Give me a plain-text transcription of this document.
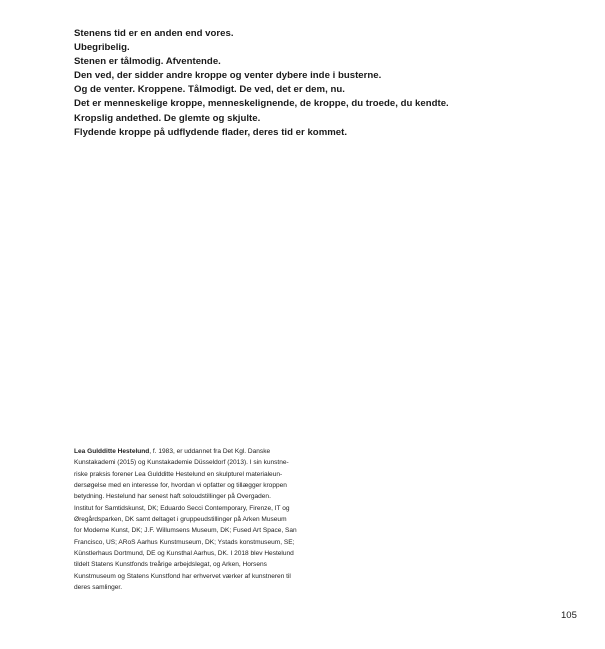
Stenens tid er en anden end vores.
Ubegribelig.
Stenen er tålmodig. Afventende.
Den ved, der sidder andre kroppe og venter dybere inde i busterne.
Og de venter. Kroppene. Tålmodigt. De ved, det er dem, nu.
Det er menneskelige kroppe, menneskelignende, de kroppe, du troede, du kendte.
Kropslig andethed. De glemte og skjulte.
Flydende kroppe på udflydende flader, deres tid er kommet.
Lea Guldditte Hestelund, f. 1983, er uddannet fra Det Kgl. Danske
Kunstakademi (2015) og Kunstakademie Düsseldorf (2013). I sin kunstne-
riske praksis forener Lea Guldditte Hestelund en skulpturel materialeun-
dersøgelse med en interesse for, hvordan vi opfatter og tillægger kroppen
betydning. Hestelund har senest haft soloudstillinger på Overgaden.
Institut for Samtidskunst, DK; Eduardo Secci Contemporary, Firenze, IT og
Øregårdsparken, DK samt deltaget i gruppeudstillinger på Arken Museum
for Moderne Kunst, DK; J.F. Willumsens Museum, DK; Fused Art Space, San
Francisco, US; ARoS Aarhus Kunstmuseum, DK; Ystads konstmuseum, SE;
Künstlerhaus Dortmund, DE og Kunsthal Aarhus, DK. I 2018 blev Hestelund
tildelt Statens Kunstfonds treårige arbejdslegat, og Arken, Horsens
Kunstmuseum og Statens Kunstfond har erhvervet værker af kunstneren til
deres samlinger.
105
